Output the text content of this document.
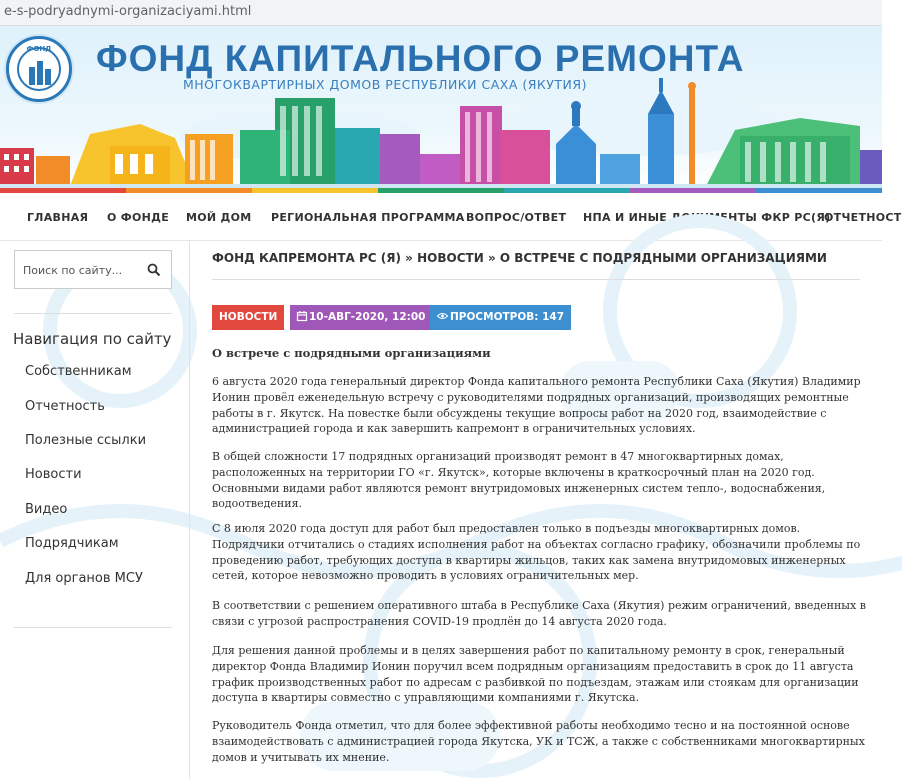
e-s-podryadnymi-organizaciyami.html
ФОНД	ФОНД КАПИТАЛЬНОГО РЕМОНТА
МНОГОКВАРТИРНЫХ ДОМОВ РЕСПУБЛИКИ САХА (ЯКУТИЯ)
ГЛАВНАЯ О ФОНДЕ МОЙ ДОМ РЕГИОНАЛЬНАЯ ПРОГРАММА ВОПРОС/ОТВЕТ НПА И ИНЫЕ ДОКУМЕНТЫ ФКР РС(Я)
ОТЧЕТНОСТ
Поиск по сайту...
Навигация по сайту
Собственникам
Отчетность
Полезные ссылки
Новости
Видео
Подрядчикам
Для органов МСУ
ФОНД КАПРЕМОНТА РС (Я) » НОВОСТИ » О ВСТРЕЧЕ С ПОДРЯДНЫМИ ОРГАНИЗАЦИЯМИ
НОВОСТИ	10-АВГ-2020, 12:00	ПРОСМОТРОВ: 147
О встрече с подрядными организациями
6 августа 2020 года генеральный директор Фонда капитального ремонта Республики Саха (Якутия) Владимир Ионин провёл еженедельную встречу с руководителями подрядных организаций, производящих ремонтные работы в г. Якутск. На повестке были обсуждены текущие вопросы работ на 2020 год, взаимодействие с администрацией города и как завершить капремонт в ограничительных условиях.
В общей сложности 17 подрядных организаций производят ремонт в 47 многоквартирных домах, расположенных на территории ГО «г. Якутск», которые включены в краткосрочный план на 2020 год. Основными видами работ являются ремонт внутридомовых инженерных систем тепло-, водоснабжения, водоотведения.
С 8 июля 2020 года доступ для работ был предоставлен только в подъезды многоквартирных домов. Подрядчики отчитались о стадиях исполнения работ на объектах согласно графику, обозначили проблемы по проведению работ, требующих доступа в квартиры жильцов, таких как замена внутридомовых инженерных сетей, которое невозможно проводить в условиях ограничительных мер.
В соответствии с решением оперативного штаба в Республике Саха (Якутия) режим ограничений, введенных в связи с угрозой распространения COVID-19 продлён до 14 августа 2020 года.
Для решения данной проблемы и в целях завершения работ по капитальному ремонту в срок, генеральный директор Фонда Владимир Ионин поручил всем подрядным организациям предоставить в срок до 11 августа график производственных работ по адресам с разбивкой по подъездам, этажам или стоякам для организации доступа в квартиры совместно с управляющими компаниями г. Якутска.
Руководитель Фонда отметил, что для более эффективной работы необходимо тесно и на постоянной основе взаимодействовать с администрацией города Якутска, УК и ТСЖ, а также с собственниками многоквартирных домов и учитывать их мнение.
